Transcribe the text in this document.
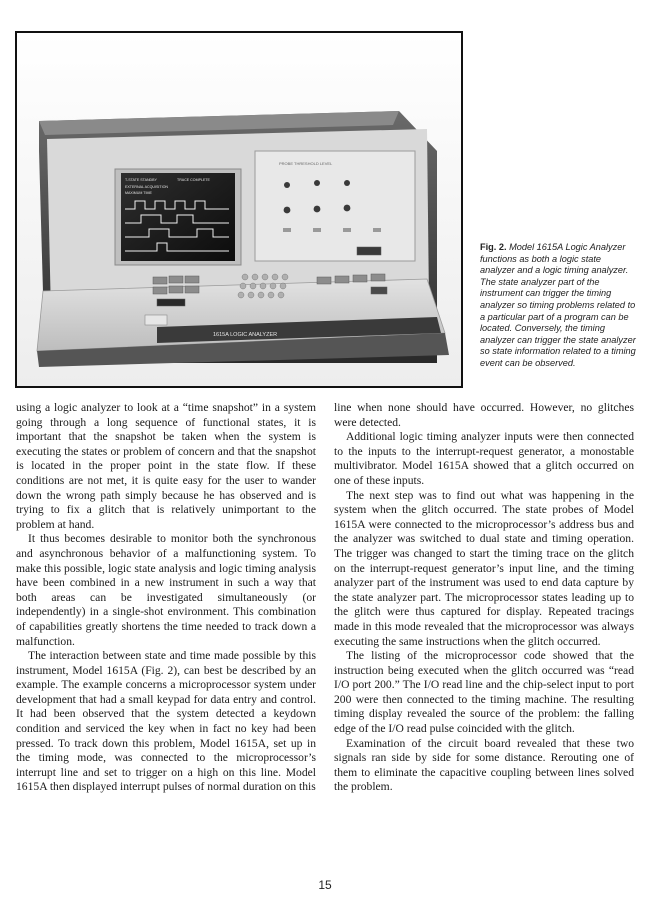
PROBE THRESHOLD LEVEL
T-STATE STANDBY	TRACE COMPLETE
EXTERNAL ACQUISITION
MAXIMUM TIME
1615A LOGIC ANALYZER
Fig. 2. Model 1615A Logic Analyzer functions as both a logic state analyzer and a logic timing analyzer. The state analyzer part of the instrument can trigger the timing analyzer so timing problems related to a particular part of a program can be located. Conversely, the timing analyzer can trigger the state analyzer so state information related to a timing event can be observed.

using a logic analyzer to look at a “time snapshot” in a system going through a long sequence of functional states, it is important that the snapshot be taken when the system is executing the states or problem of concern and that the snapshot is located in the proper point in the state flow. If these conditions are not met, it is quite easy for the user to wander down the wrong path simply because he has observed and is trying to fix a glitch that is relatively unimportant to the problem at hand.

It thus becomes desirable to monitor both the synchronous and asynchronous behavior of a malfunctioning system. To make this possible, logic state analysis and logic timing analysis have been combined in a new instrument in such a way that both areas can be investigated simultaneously (or independently) in a single-shot environment. This combination of capabilities greatly shortens the time needed to track down a malfunction.

The interaction between state and time made possible by this instrument, Model 1615A (Fig. 2), can best be described by an example. The example concerns a microprocessor system under development that had a small keypad for data entry and control. It had been observed that the system detected a keydown condition and serviced the key when in fact no key had been pressed. To track down this problem, Model 1615A, set up in the timing mode, was connected to the microprocessor’s interrupt line and set to trigger on a high on this line. Model 1615A then displayed interrupt pulses of normal duration on this

line when none should have occurred. However, no glitches were detected.

Additional logic timing analyzer inputs were then connected to the inputs to the interrupt-request generator, a monostable multivibrator. Model 1615A showed that a glitch occurred on one of these inputs.

The next step was to find out what was happening in the system when the glitch occurred. The state probes of Model 1615A were connected to the microprocessor’s address bus and the analyzer was switched to dual state and timing operation. The trigger was changed to start the timing trace on the glitch on the interrupt-request generator’s input line, and the timing analyzer part of the instrument was used to end data capture by the state analyzer part. The microprocessor states leading up to the glitch were thus captured for display. Repeated tracings made in this mode revealed that the microprocessor was always executing the same instructions when the glitch occurred.

The listing of the microprocessor code showed that the instruction being executed when the glitch occurred was “read I/O port 200.” The I/O read line and the chip-select input to port 200 were then connected to the timing machine. The resulting timing display revealed the source of the problem: the falling edge of the I/O read pulse coincided with the glitch.

Examination of the circuit board revealed that these two signals ran side by side for some distance. Rerouting one of them to eliminate the capacitive coupling between lines solved the problem.

15
